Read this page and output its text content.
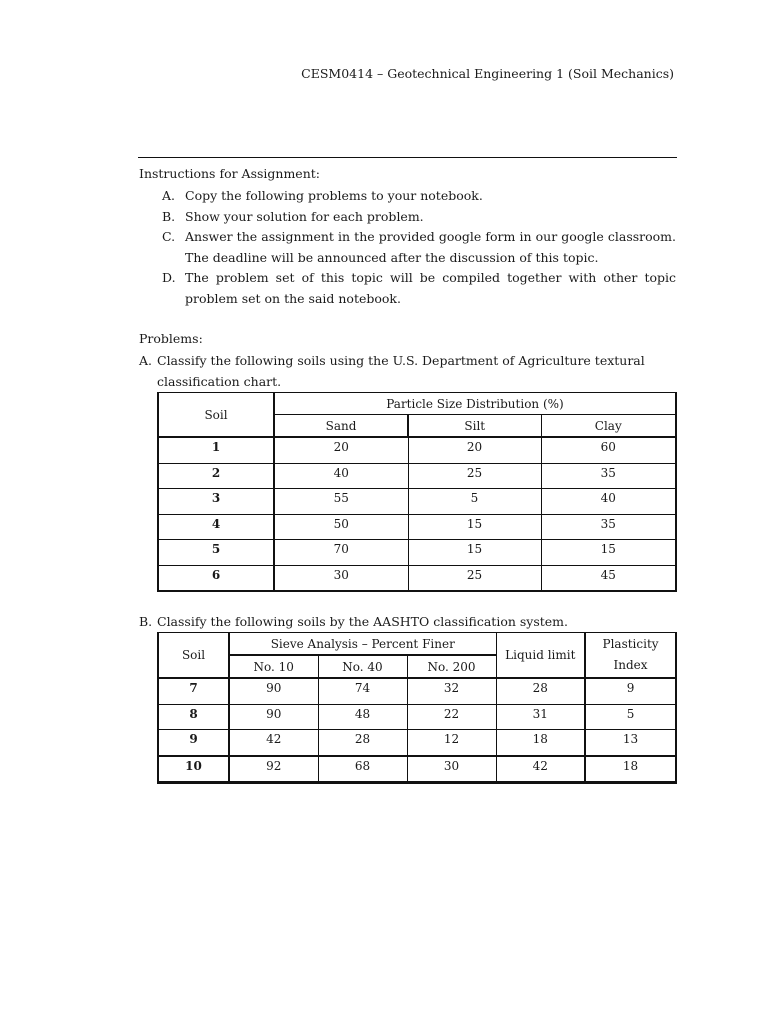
CESM0414 – Geotechnical Engineering 1 (Soil Mechanics)
Instructions for Assignment:
A. Copy the following problems to your notebook.
B. Show your solution for each problem.
C. Answer the assignment in the provided google form in our google classroom. The deadline will be announced after the discussion of this topic.
D. The problem set of this topic will be compiled together with other topic problem set on the said notebook.
Problems:
A. Classify the following soils using the U.S. Department of Agriculture textural classification chart.
Soil	Particle Size Distribution (%)		
	Sand	Silt	Clay
1	20	20	60
2	40	25	35
3	55	5	40
4	50	15	35
5	70	15	15
6	30	25	45
B. Classify the following soils by the AASHTO classification system.
Soil	Sieve Analysis – Percent Finer			Liquid limit	Plasticity
Index

	No. 10	No. 40	No. 200		
7	90	74	32	28	9
8	90	48	22	31	5
9	42	28	12	18	13
10	92	68	30	42	18
